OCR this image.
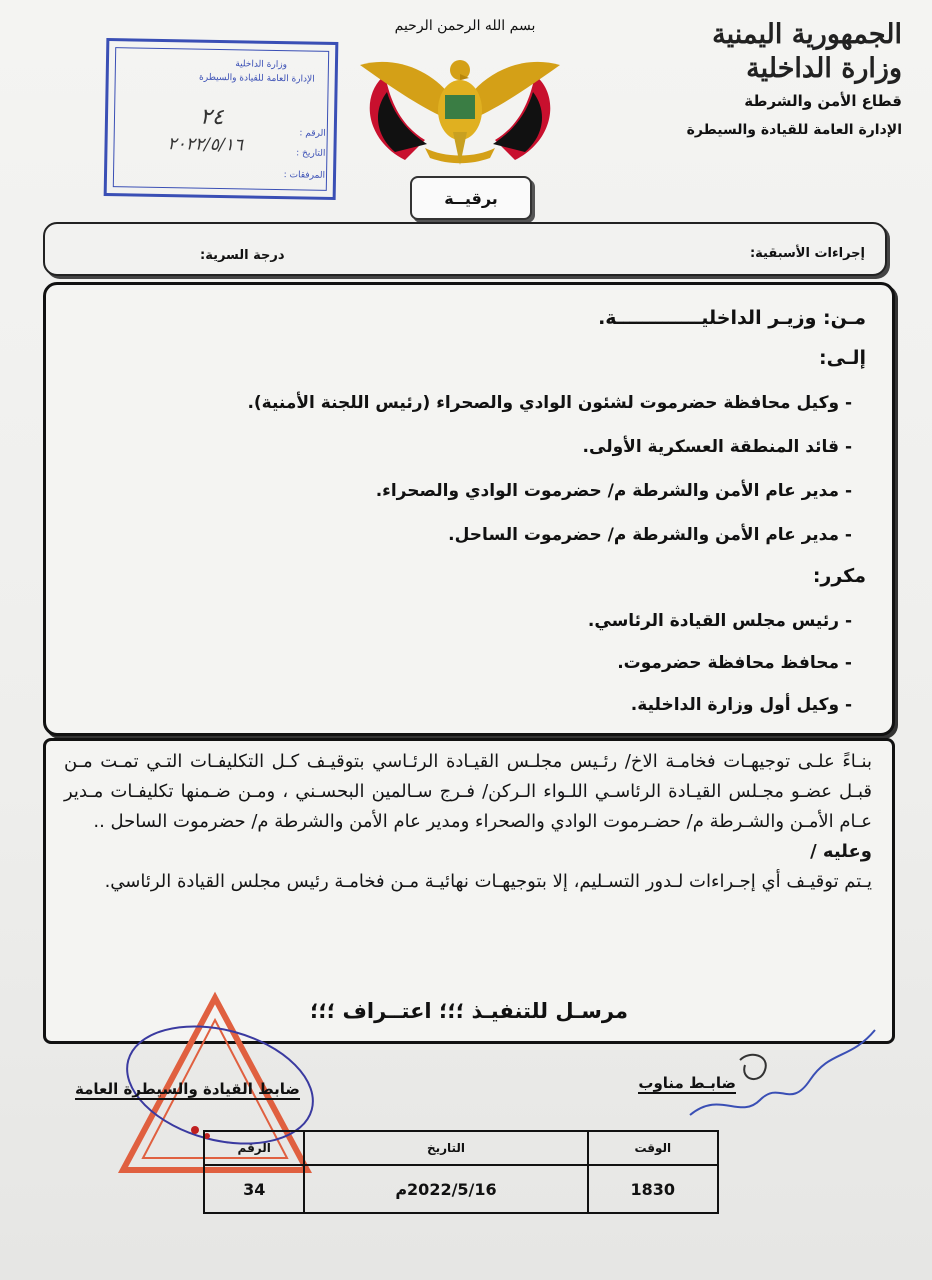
الجمهورية اليمنية
وزارة الداخلية
قطاع الأمن والشرطة
الإدارة العامة للقيادة والسيطرة
بسم الله الرحمن الرحيم
وزارة الداخلية
الإدارة العامة للقيادة والسيطرة
الرقم :
٢٤
التاريخ :
٢٠٢٢/٥/١٦
المرفقات :
برقيــة
إجراءات الأسبقية:
درجة السرية:
مـن: وزيـر الداخليـــــــــــــة.
إلـى:
- وكيل محافظة حضرموت لشئون الوادي والصحراء (رئيس اللجنة الأمنية).
- قائد المنطقة العسكرية الأولى.
- مدير عام الأمن والشرطة م/ حضرموت الوادي والصحراء.
- مدير عام الأمن والشرطة م/ حضرموت الساحل.
مكرر:
- رئيس مجلس القيادة الرئاسي.
- محافظ محافظة حضرموت.
- وكيل أول وزارة الداخلية.

بنـاءً علـى توجيهـات فخامـة الاخ/ رئـيس مجلـس القيـادة الرئـاسي بتوقيـف كـل التكليفـات التـي تمـت مـن قبـل عضـو مجـلس القيـادة الرئاسـي اللـواء الـركن/ فـرج سـالمين البحسـني ، ومـن ضـمنها تكليفـات مـدير عـام الأمـن والشـرطة م/ حضـرموت الوادي والصحراء ومدير عام الأمن والشرطة م/ حضرموت الساحل ..

وعليه /

يـتم توقيـف أي إجـراءات لـدور التسـليم، إلا بتوجيهـات نهائيـة مـن فخامـة رئيس مجلس القيادة الرئاسي.

مرسـل للتنفيـذ ؛؛؛ اعتــراف ؛؛؛
ضابـط مناوب
ضابط القيادة والسيطرة العامة
الوقت	التاريخ	الرقم
1830	2022/5/16م	34
